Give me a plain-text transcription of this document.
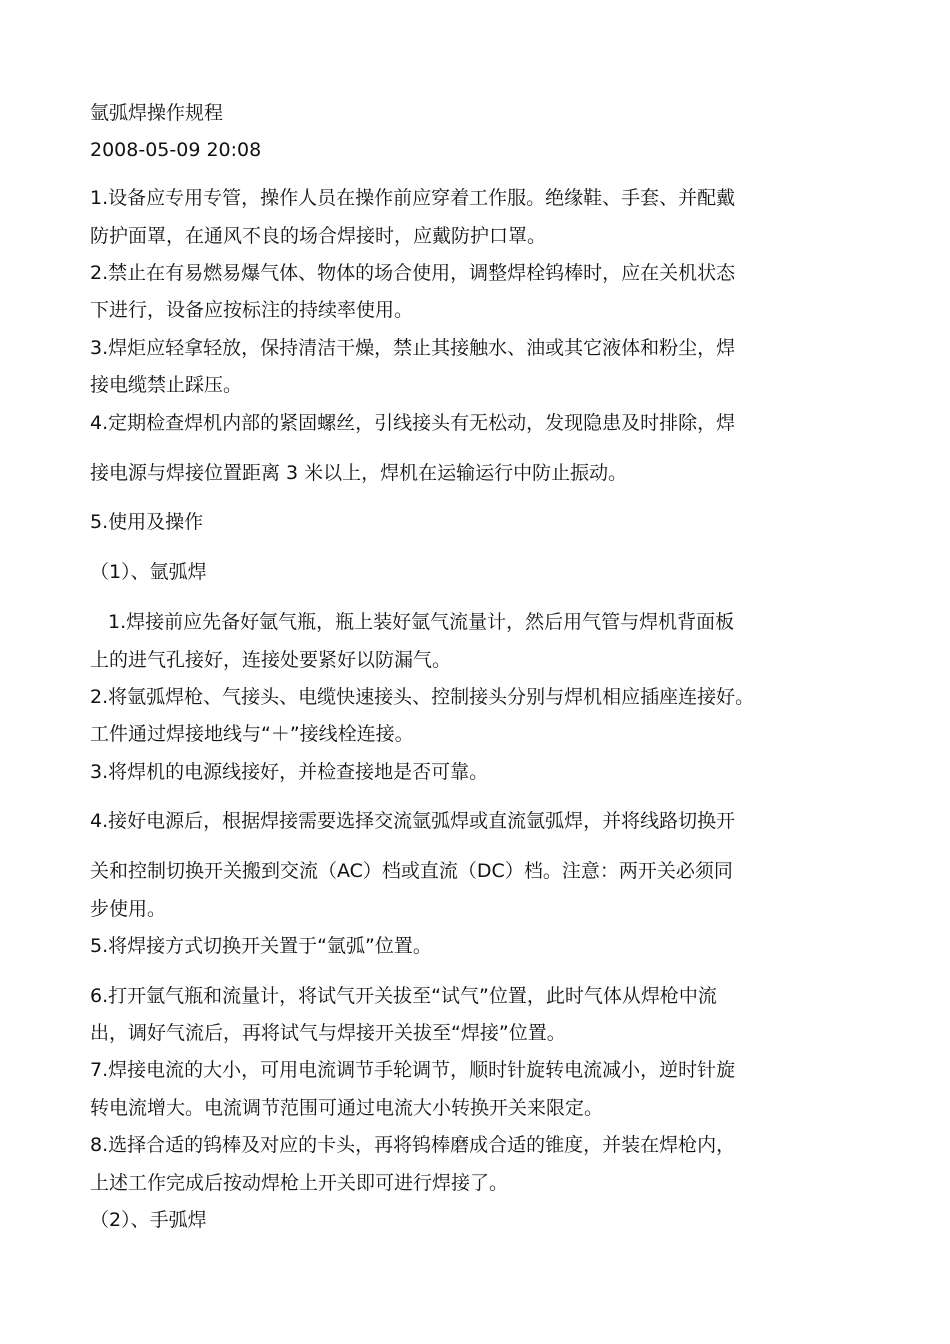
氩弧焊操作规程
2008-05-09 20:08
1.设备应专用专管，操作人员在操作前应穿着工作服。绝缘鞋、手套、并配戴
防护面罩，在通风不良的场合焊接时，应戴防护口罩。
2.禁止在有易燃易爆气体、物体的场合使用，调整焊栓钨棒时，应在关机状态
下进行，设备应按标注的持续率使用。
3.焊炬应轻拿轻放，保持清洁干燥，禁止其接触水、油或其它液体和粉尘，焊
接电缆禁止踩压。
4.定期检查焊机内部的紧固螺丝，引线接头有无松动，发现隐患及时排除，焊
接电源与焊接位置距离 3 米以上，焊机在运输运行中防止振动。
5.使用及操作
（1）、氩弧焊
1.焊接前应先备好氩气瓶，瓶上装好氩气流量计，然后用气管与焊机背面板
上的进气孔接好，连接处要紧好以防漏气。
2.将氩弧焊枪、气接头、电缆快速接头、控制接头分别与焊机相应插座连接好。
工件通过焊接地线与“＋”接线栓连接。
3.将焊机的电源线接好，并检查接地是否可靠。
4.接好电源后，根据焊接需要选择交流氩弧焊或直流氩弧焊，并将线路切换开
关和控制切换开关搬到交流（AC）档或直流（DC）档。注意：两开关必须同
步使用。
5.将焊接方式切换开关置于“氩弧”位置。
6.打开氩气瓶和流量计，将试气开关拔至“试气”位置，此时气体从焊枪中流
出，调好气流后，再将试气与焊接开关拔至“焊接”位置。
7.焊接电流的大小，可用电流调节手轮调节，顺时针旋转电流减小，逆时针旋
转电流增大。电流调节范围可通过电流大小转换开关来限定。
8.选择合适的钨棒及对应的卡头，再将钨棒磨成合适的锥度，并装在焊枪内，
上述工作完成后按动焊枪上开关即可进行焊接了。
（2）、手弧焊
